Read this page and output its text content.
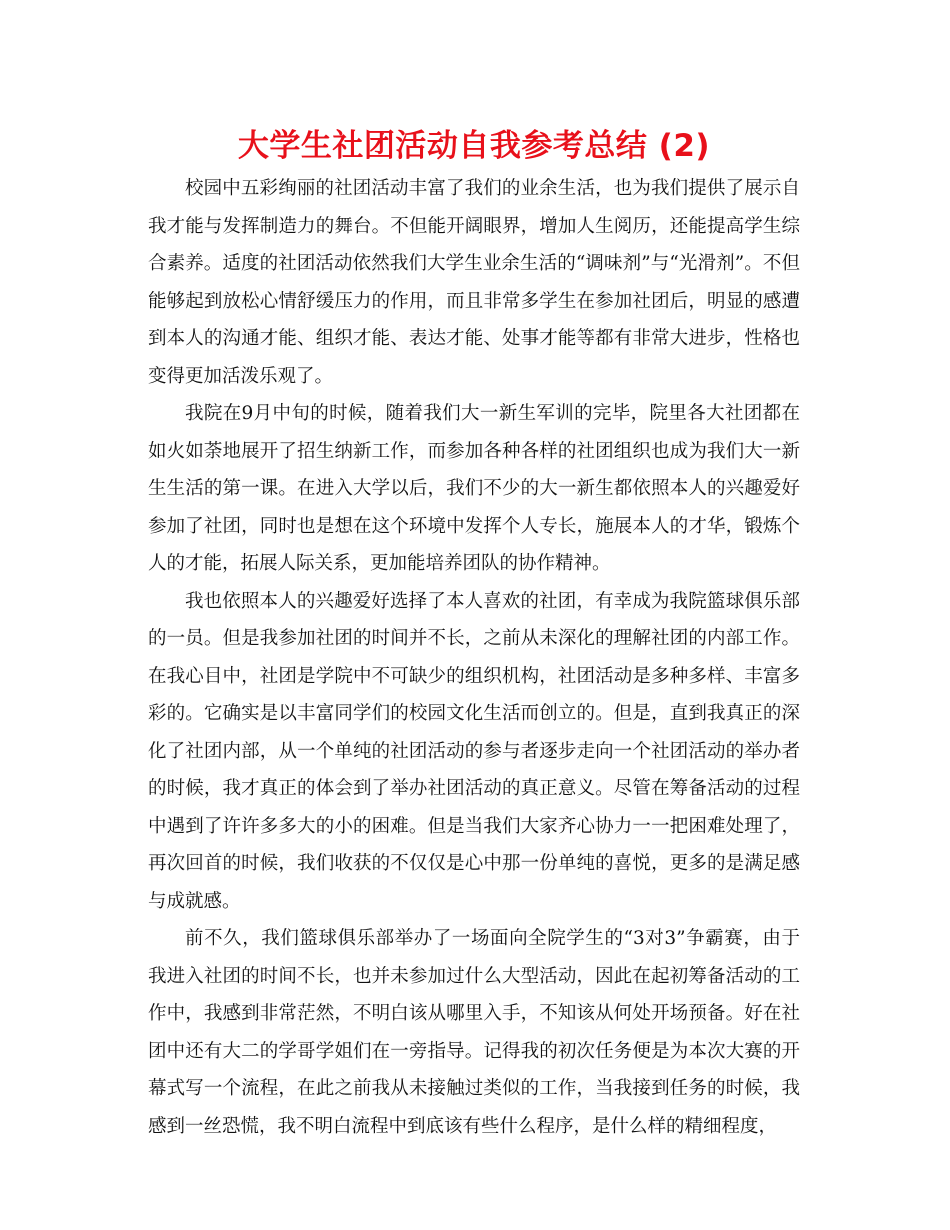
大学生社团活动自我参考总结 (2)

校园中五彩绚丽的社团活动丰富了我们的业余生活，也为我们提供了展示自我才能与发挥制造力的舞台。不但能开阔眼界，增加人生阅历，还能提高学生综合素养。适度的社团活动依然我们大学生业余生活的“调味剂”与“光滑剂”。不但能够起到放松心情舒缓压力的作用，而且非常多学生在参加社团后，明显的感遭到本人的沟通才能、组织才能、表达才能、处事才能等都有非常大进步，性格也变得更加活泼乐观了。

我院在9月中旬的时候，随着我们大一新生军训的完毕，院里各大社团都在如火如荼地展开了招生纳新工作，而参加各种各样的社团组织也成为我们大一新生生活的第一课。在进入大学以后，我们不少的大一新生都依照本人的兴趣爱好参加了社团，同时也是想在这个环境中发挥个人专长，施展本人的才华，锻炼个人的才能，拓展人际关系，更加能培养团队的协作精神。

我也依照本人的兴趣爱好选择了本人喜欢的社团，有幸成为我院篮球俱乐部的一员。但是我参加社团的时间并不长，之前从未深化的理解社团的内部工作。在我心目中，社团是学院中不可缺少的组织机构，社团活动是多种多样、丰富多彩的。它确实是以丰富同学们的校园文化生活而创立的。但是，直到我真正的深化了社团内部，从一个单纯的社团活动的参与者逐步走向一个社团活动的举办者的时候，我才真正的体会到了举办社团活动的真正意义。尽管在筹备活动的过程中遇到了许许多多大的小的困难。但是当我们大家齐心协力一一把困难处理了，再次回首的时候，我们收获的不仅仅是心中那一份单纯的喜悦，更多的是满足感与成就感。

前不久，我们篮球俱乐部举办了一场面向全院学生的“3对3”争霸赛，由于我进入社团的时间不长，也并未参加过什么大型活动，因此在起初筹备活动的工作中，我感到非常茫然，不明白该从哪里入手，不知该从何处开场预备。好在社团中还有大二的学哥学姐们在一旁指导。记得我的初次任务便是为本次大赛的开幕式写一个流程，在此之前我从未接触过类似的工作，当我接到任务的时候，我感到一丝恐慌，我不明白流程中到底该有些什么程序，是什么样的精细程度，
